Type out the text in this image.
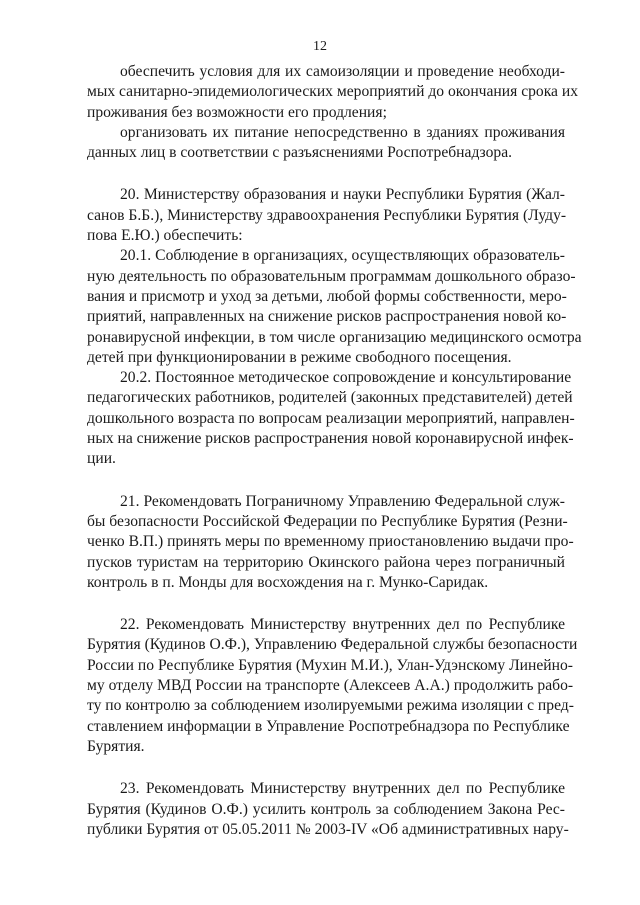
12
обеспечить условия для их самоизоляции и проведение необходи-
мых санитарно-эпидемиологических мероприятий до окончания срока их
проживания без возможности его продления;
организовать их питание непосредственно в зданиях проживания
данных лиц в соответствии с разъяснениями Роспотребнадзора.
20. Министерству образования и науки Республики Бурятия (Жал-
санов Б.Б.), Министерству здравоохранения Республики Бурятия (Луду-
пова Е.Ю.) обеспечить:
20.1. Соблюдение в организациях, осуществляющих образователь-
ную деятельность по образовательным программам дошкольного образо-
вания и присмотр и уход за детьми, любой формы собственности, меро-
приятий, направленных на снижение рисков распространения новой ко-
ронавирусной инфекции, в том числе организацию медицинского осмотра
детей при функционировании в режиме свободного посещения.
20.2. Постоянное методическое сопровождение и консультирование
педагогических работников, родителей (законных представителей) детей
дошкольного возраста по вопросам реализации мероприятий, направлен-
ных на снижение рисков распространения новой коронавирусной инфек-
ции.
21. Рекомендовать Пограничному Управлению Федеральной служ-
бы безопасности Российской Федерации по Республике Бурятия (Резни-
ченко В.П.) принять меры по временному приостановлению выдачи про-
пусков туристам на территорию Окинского района через пограничный
контроль в п. Монды для восхождения на г. Мунко-Саридак.
22. Рекомендовать Министерству внутренних дел по Республике
Бурятия (Кудинов О.Ф.), Управлению Федеральной службы безопасности
России по Республике Бурятия (Мухин М.И.), Улан-Удэнскому Линейно-
му отделу МВД России на транспорте (Алексеев А.А.) продолжить рабо-
ту по контролю за соблюдением изолируемыми режима изоляции с пред-
ставлением информации в Управление Роспотребнадзора по Республике
Бурятия.
23. Рекомендовать Министерству внутренних дел по Республике
Бурятия (Кудинов О.Ф.) усилить контроль за соблюдением Закона Рес-
публики Бурятия от 05.05.2011 № 2003-IV «Об административных нару-
